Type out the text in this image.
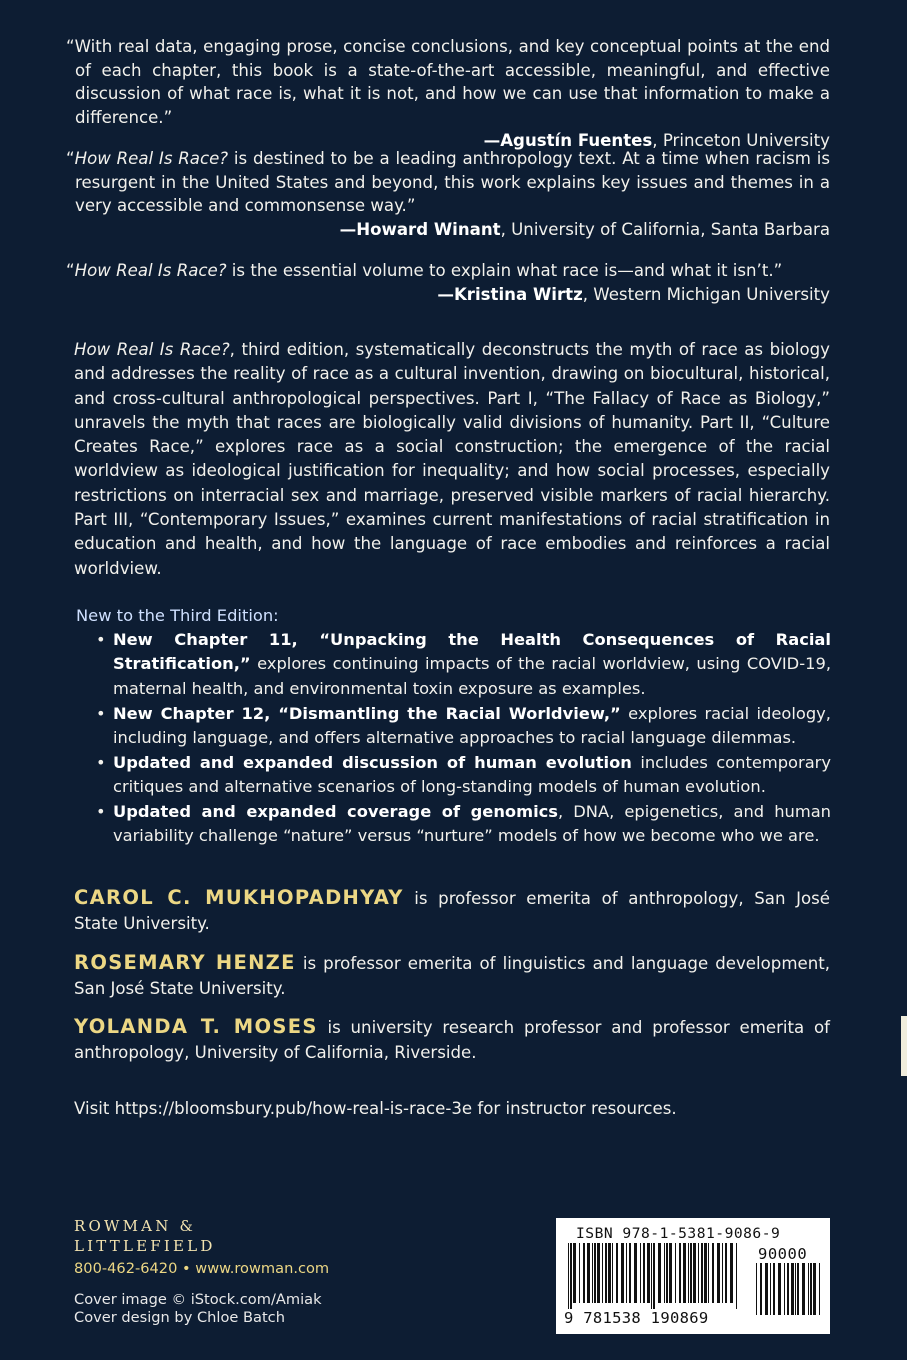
“With real data, engaging prose, concise conclusions, and key conceptual points at the end of each chapter, this book is a state-of-the-art accessible, meaningful, and effective discussion of what race is, what it is not, and how we can use that information to make a difference.”

—Agustín Fuentes, Princeton University

“How Real Is Race? is destined to be a leading anthropology text. At a time when racism is resurgent in the United States and beyond, this work explains key issues and themes in a very accessible and commonsense way.”

—Howard Winant, University of California, Santa Barbara

“How Real Is Race? is the essential volume to explain what race is—and what it isn’t.”

—Kristina Wirtz, Western Michigan University

How Real Is Race?, third edition, systematically deconstructs the myth of race as biology and addresses the reality of race as a cultural invention, drawing on biocultural, historical, and cross-cultural anthropological perspectives. Part I, “The Fallacy of Race as Biology,” unravels the myth that races are biologically valid divisions of humanity. Part II, “Culture Creates Race,” explores race as a social construction; the emergence of the racial worldview as ideological justification for inequality; and how social processes, especially restrictions on interracial sex and marriage, preserved visible markers of racial hierarchy. Part III, “Contemporary Issues,” examines current manifestations of racial stratification in education and health, and how the language of race embodies and reinforces a racial worldview.

New to the Third Edition:
• New Chapter 11, “Unpacking the Health Consequences of Racial Stratification,” explores continuing impacts of the racial worldview, using COVID-19, maternal health, and environmental toxin exposure as examples.
• New Chapter 12, “Dismantling the Racial Worldview,” explores racial ideology, including language, and offers alternative approaches to racial language dilemmas.
• Updated and expanded discussion of human evolution includes contemporary critiques and alternative scenarios of long-standing models of human evolution.
• Updated and expanded coverage of genomics, DNA, epigenetics, and human variability challenge “nature” versus “nurture” models of how we become who we are.

CAROL C. MUKHOPADHYAY is professor emerita of anthropology, San José State University.

ROSEMARY HENZE is professor emerita of linguistics and language development, San José State University.

YOLANDA T. MOSES is university research professor and professor emerita of anthropology, University of California, Riverside.

Visit https://bloomsbury.pub/how-real-is-race-3e for instructor resources.

ROWMAN &
LITTLEFIELD
800-462-6420 • www.rowman.com
Cover image © iStock.com/Amiak
Cover design by Chloe Batch
ISBN 978-1-5381-9086-9
90000
9 781538 190869
